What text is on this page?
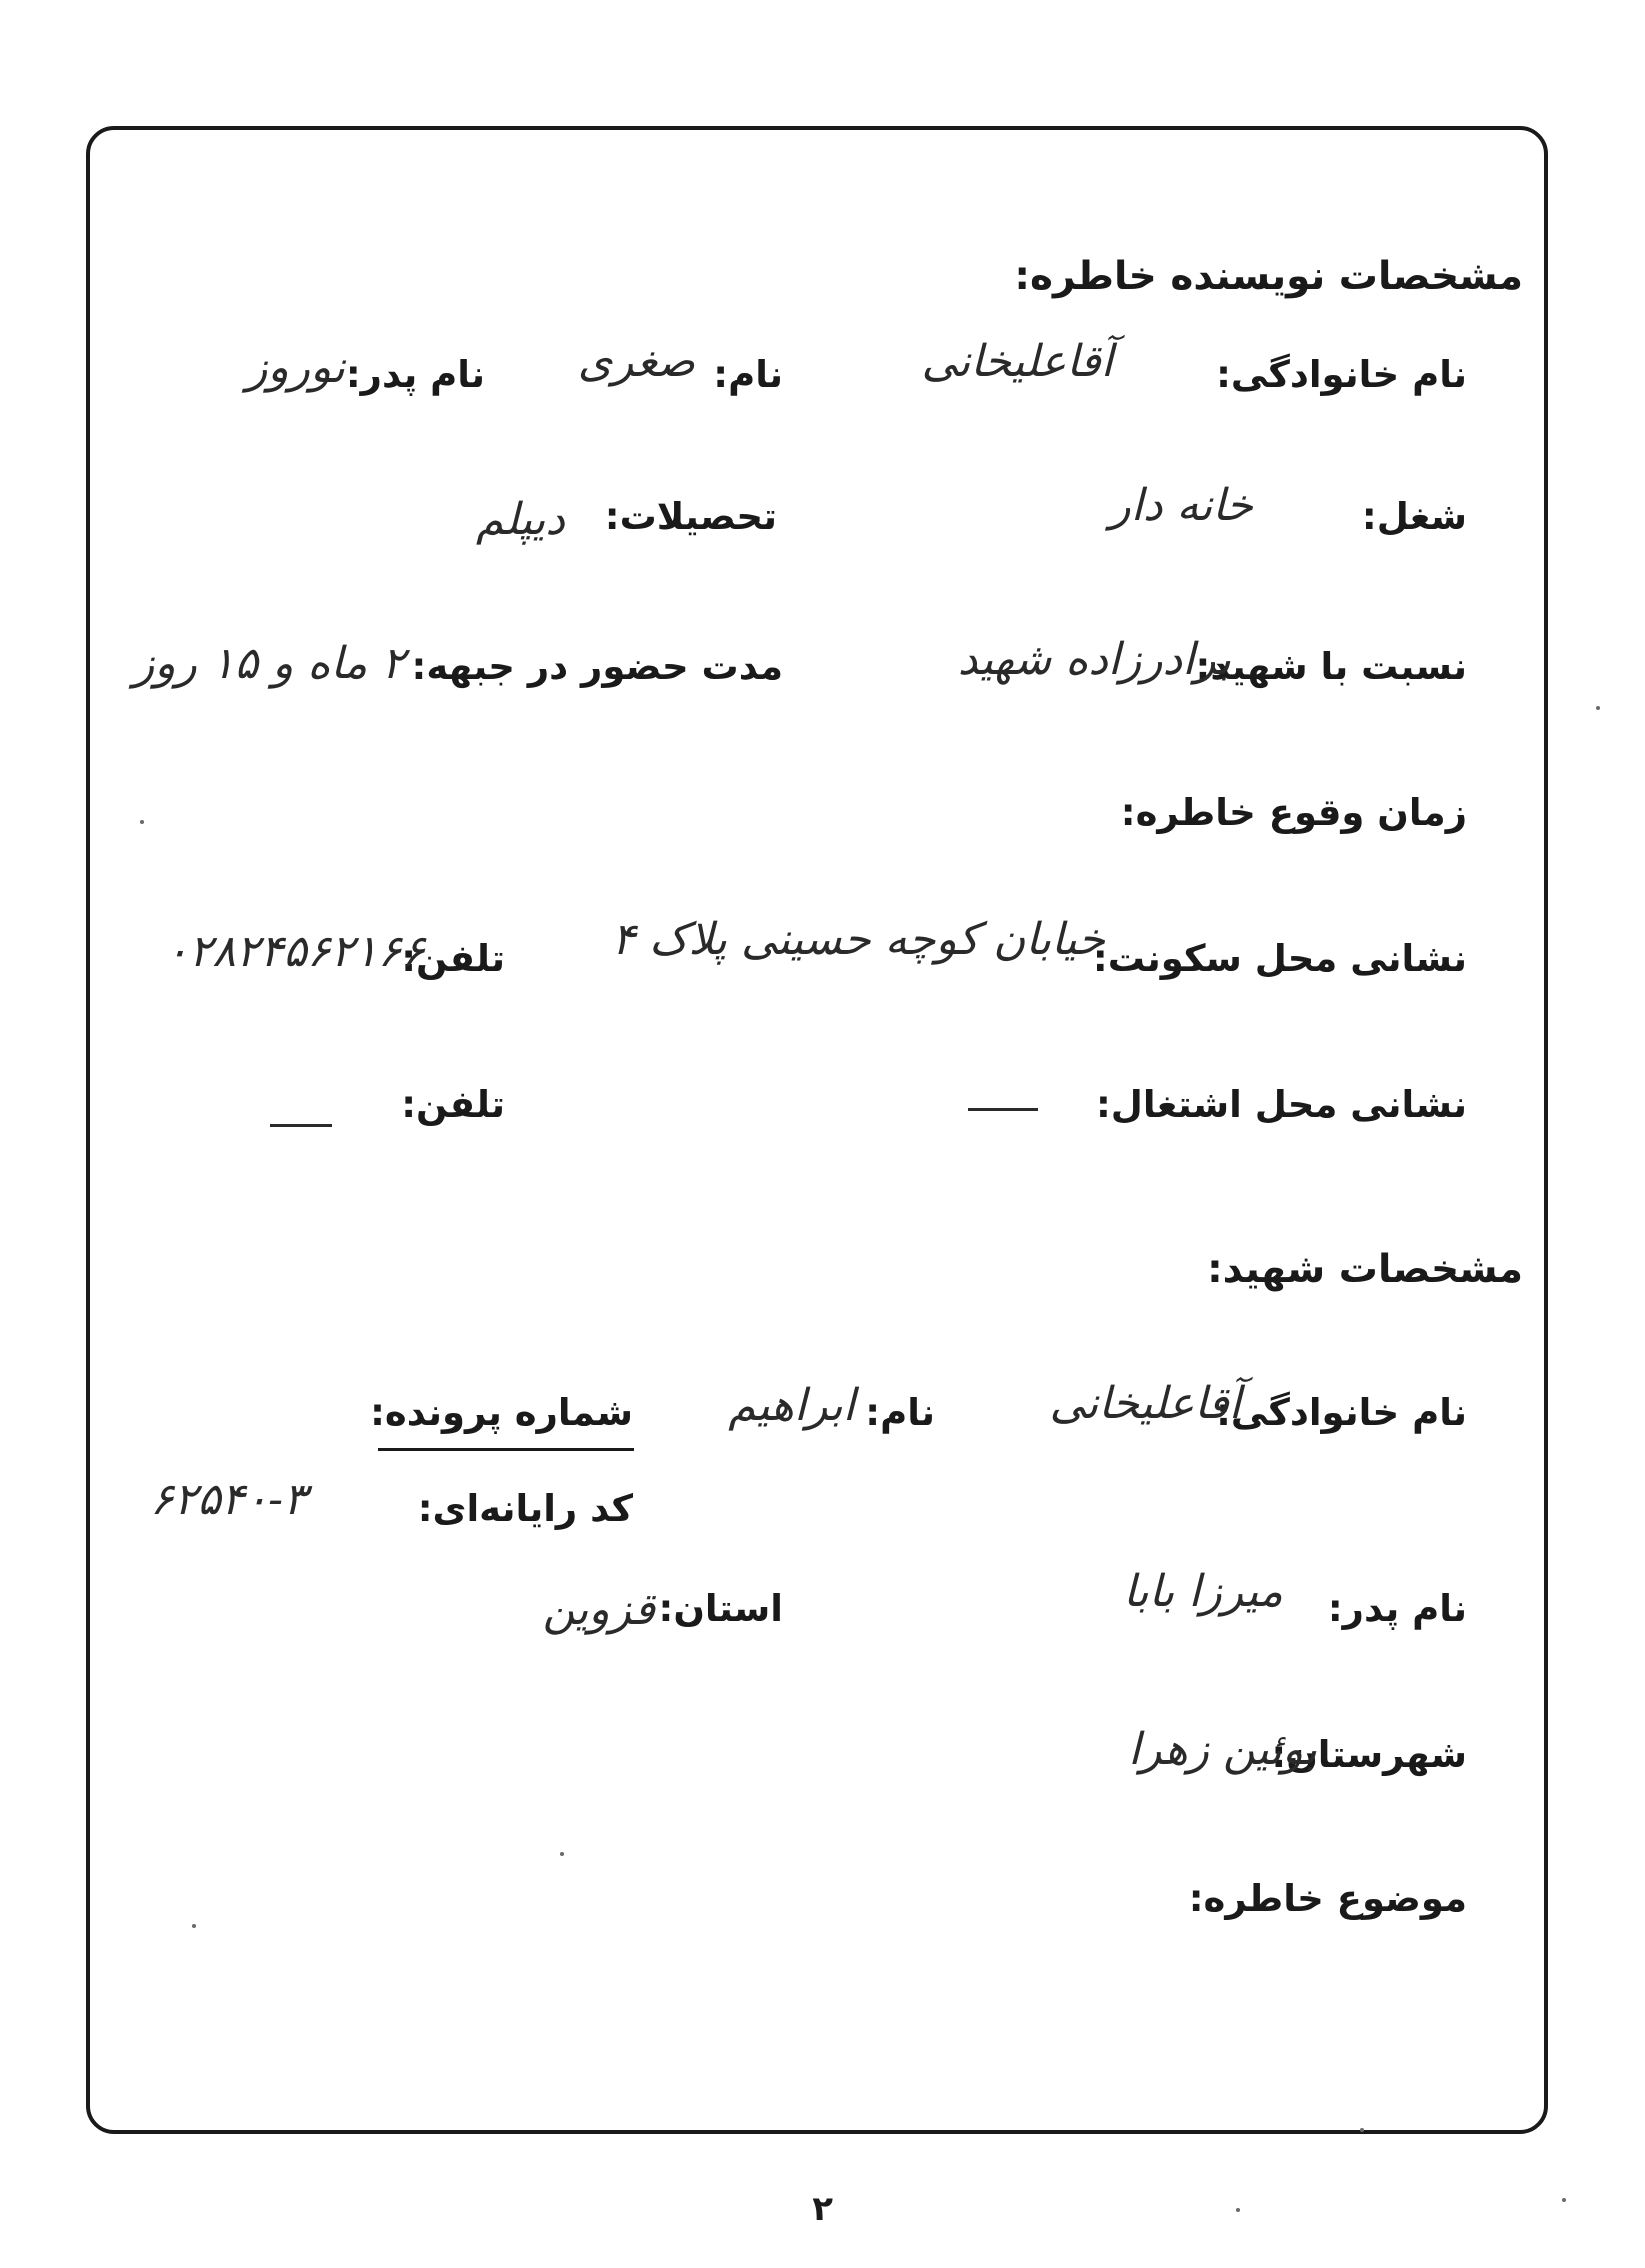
مشخصات نویسنده خاطره:
نام خانوادگی:
آقاعلیخانی
نام:
صغری
نام پدر:
نوروز
شغل:
خانه دار
تحصیلات:
دیپلم
نسبت با شهید:
برادرزاده شهید
مدت حضور در جبهه:
۲ ماه و ۱۵ روز
زمان وقوع خاطره:
نشانی محل سکونت:
خیابان کوچه حسینی پلاک ۴
تلفن:
۰۲۸۲۴۵۶۲۱۶۶
نشانی محل اشتغال:
تلفن:
مشخصات شهید:
نام خانوادگی:
آقاعلیخانی
نام:
ابراهیم
شماره پرونده:
کد رایانه‌ای:
۶۲۵۴۰-۳
نام پدر:
میرزا بابا
استان:
قزوین
شهرستان:
بوئین زهرا
موضوع خاطره:
۲
